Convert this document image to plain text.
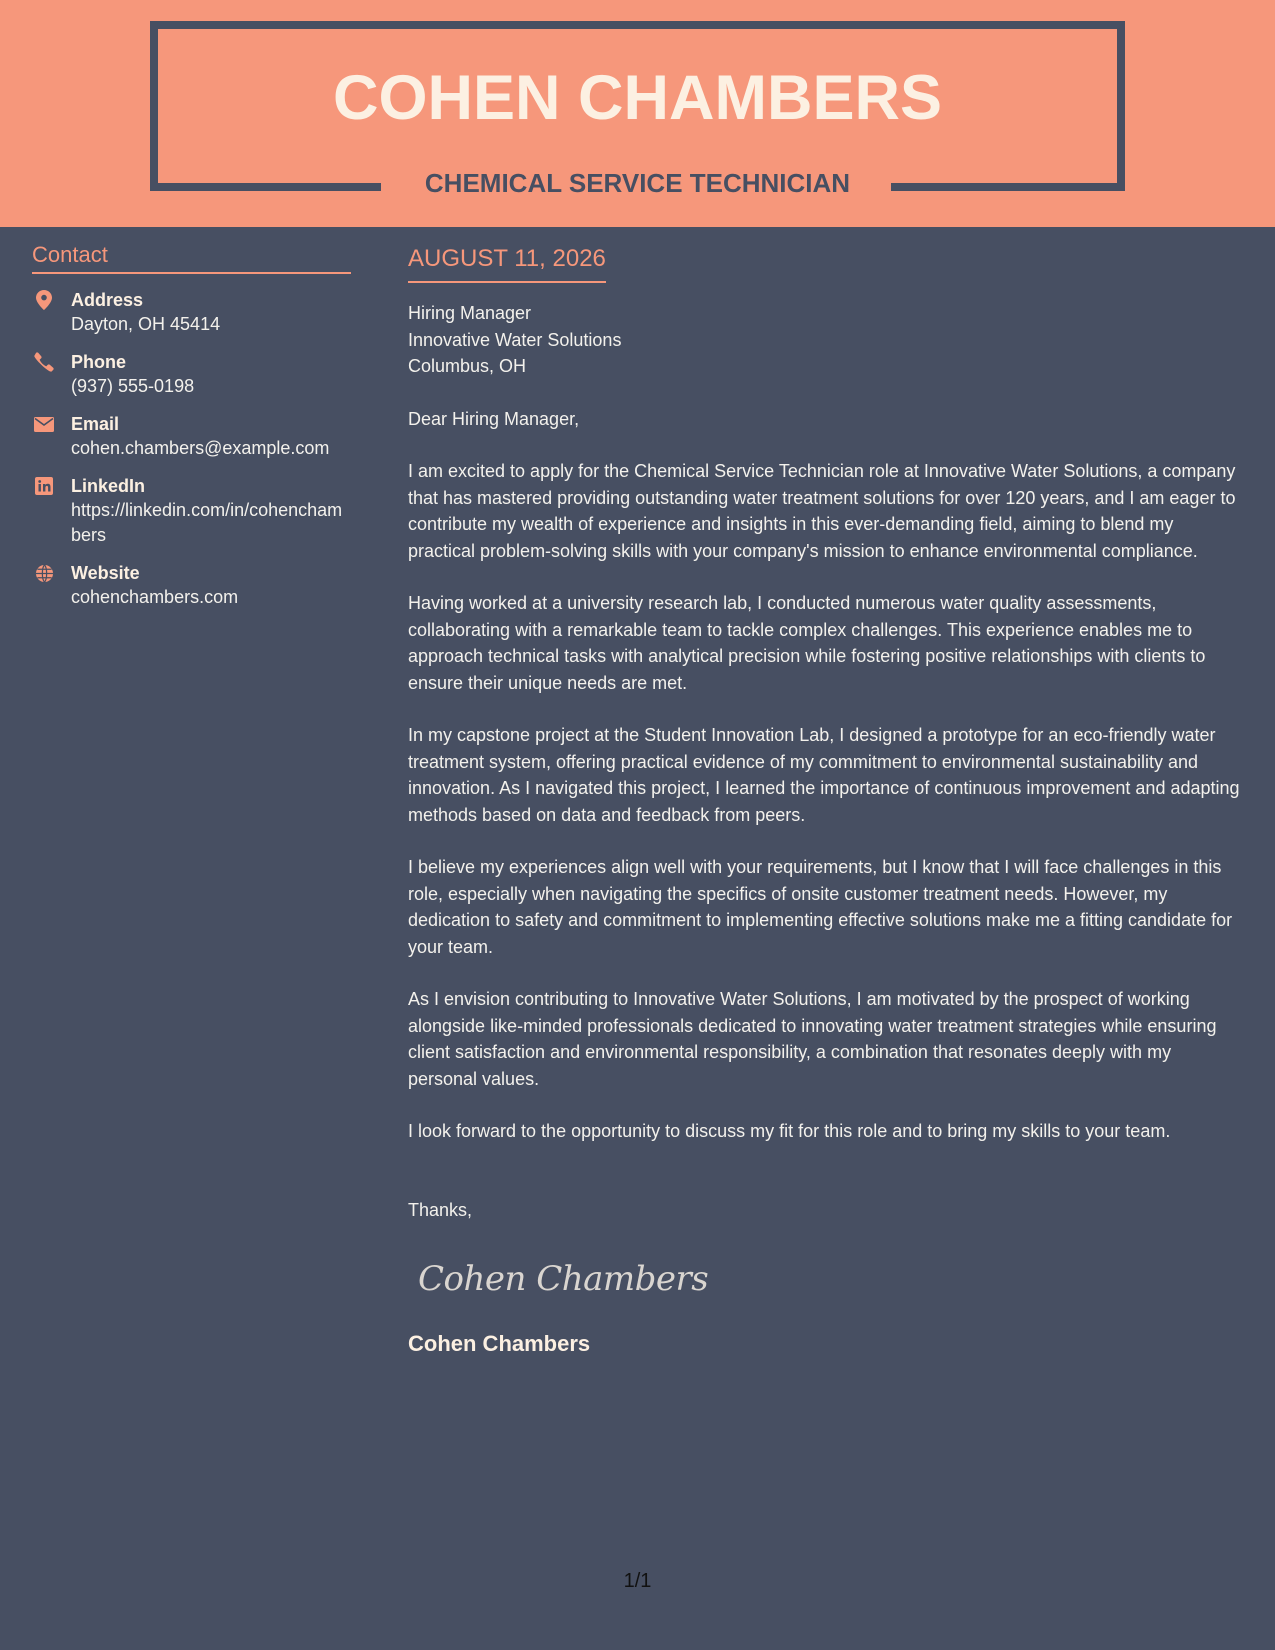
COHEN CHAMBERS
CHEMICAL SERVICE TECHNICIAN
Contact
Address
Dayton, OH 45414
Phone
(937) 555-0198
Email
cohen.chambers@example.com
LinkedIn
https://linkedin.com/in/cohenchambers
Website
cohenchambers.com
AUGUST 11, 2026
Hiring Manager
Innovative Water Solutions
Columbus, OH
Dear Hiring Manager,
I am excited to apply for the Chemical Service Technician role at Innovative Water Solutions, a company that has mastered providing outstanding water treatment solutions for over 120 years, and I am eager to contribute my wealth of experience and insights in this ever-demanding field, aiming to blend my practical problem-solving skills with your company's mission to enhance environmental compliance.
Having worked at a university research lab, I conducted numerous water quality assessments, collaborating with a remarkable team to tackle complex challenges. This experience enables me to approach technical tasks with analytical precision while fostering positive relationships with clients to ensure their unique needs are met.
In my capstone project at the Student Innovation Lab, I designed a prototype for an eco-friendly water treatment system, offering practical evidence of my commitment to environmental sustainability and innovation. As I navigated this project, I learned the importance of continuous improvement and adapting methods based on data and feedback from peers.
I believe my experiences align well with your requirements, but I know that I will face challenges in this role, especially when navigating the specifics of onsite customer treatment needs. However, my dedication to safety and commitment to implementing effective solutions make me a fitting candidate for your team.
As I envision contributing to Innovative Water Solutions, I am motivated by the prospect of working alongside like-minded professionals dedicated to innovating water treatment strategies while ensuring client satisfaction and environmental responsibility, a combination that resonates deeply with my personal values.
I look forward to the opportunity to discuss my fit for this role and to bring my skills to your team.
Thanks,
Cohen Chambers
Cohen Chambers
1/1
